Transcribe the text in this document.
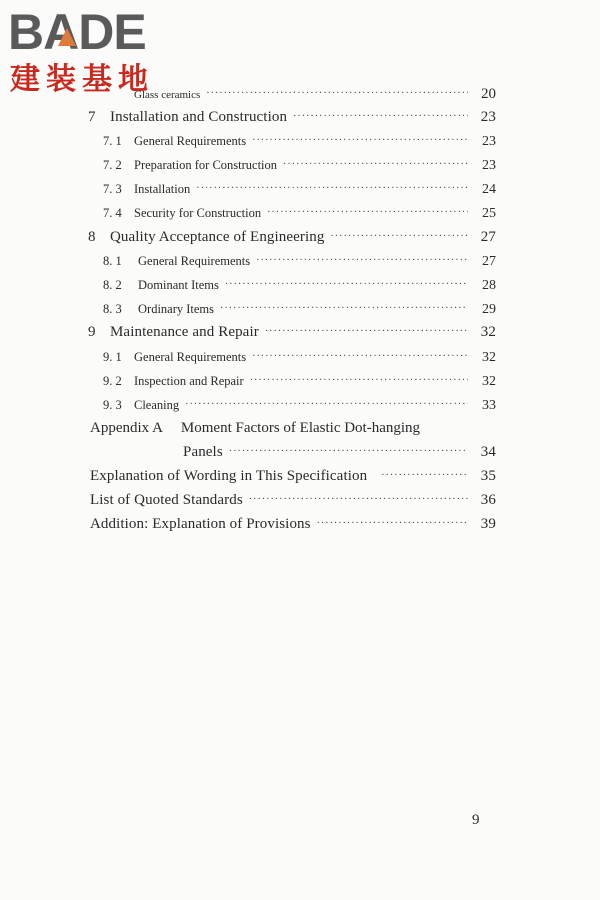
BA
DE
建装基地
Glass ceramics ·····	20
7 Installation and Construction ·····	23
7. 1 General Requirements ·····	23
7. 2 Preparation for Construction ·····	23
7. 3 Installation ·····	24
7. 4 Security for Construction ·····	25
8 Quality Acceptance of Engineering ·····	27
8. 1	General Requirements ·····	27
8. 2	Dominant Items ·····	28
8. 3	Ordinary Items ·····	29
9 Maintenance and Repair ·····	32
9. 1 General Requirements ·····	32
9. 2 Inspection and Repair ·····	32
9. 3 Cleaning ·····	33
Appendix A Moment Factors of Elastic Dot-hanging
Panels ·····	34
Explanation of Wording in This Specification ·····	35
List of Quoted Standards ·····	36
Addition: Explanation of Provisions ·····	39
9
